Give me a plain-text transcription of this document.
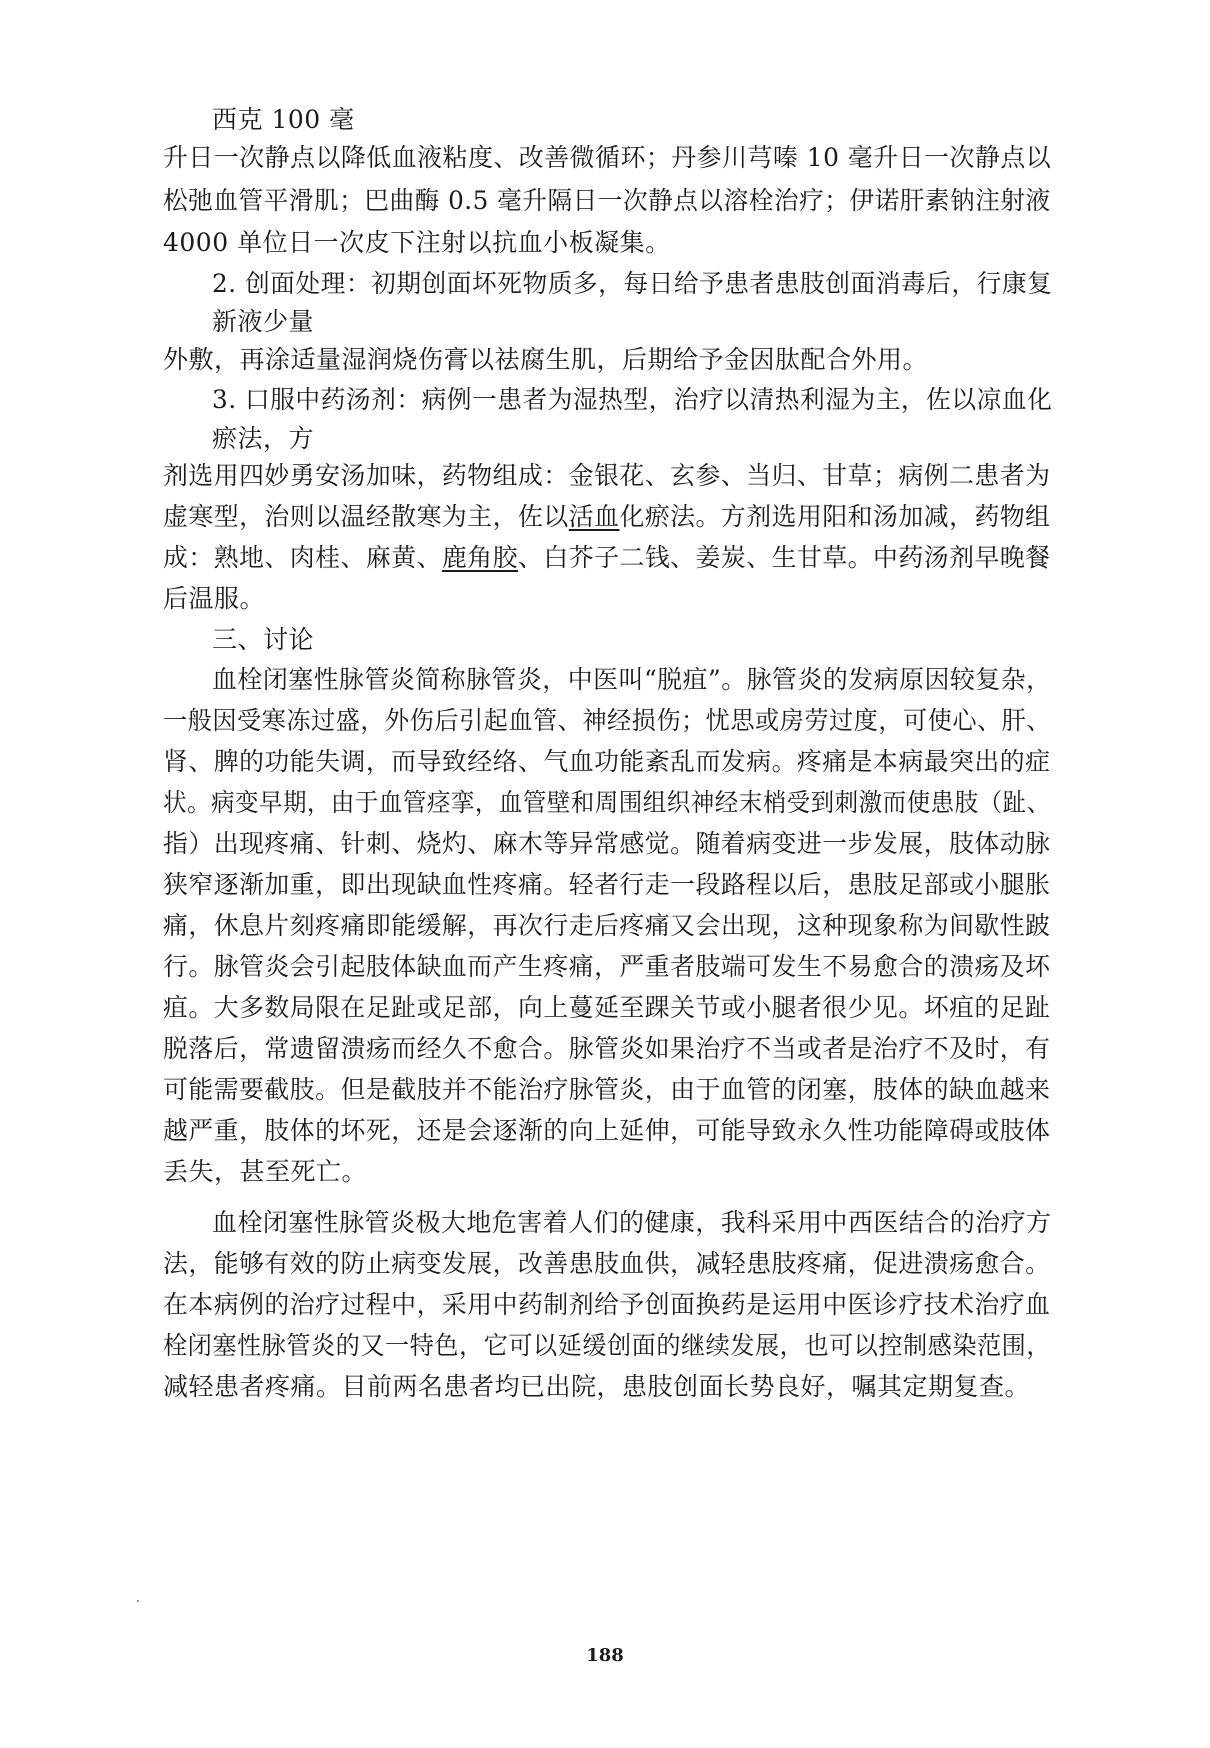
西克 100 毫
升日一次静点以降低血液粘度、改善微循环；丹参川芎嗪 10 毫升日一次静点以
松弛血管平滑肌；巴曲酶 0.5 毫升隔日一次静点以溶栓治疗；伊诺肝素钠注射液
4000 单位日一次皮下注射以抗血小板凝集。
2. 创面处理：初期创面坏死物质多，每日给予患者患肢创面消毒后，行康复
新液少量
外敷，再涂适量湿润烧伤膏以祛腐生肌，后期给予金因肽配合外用。
3. 口服中药汤剂：病例一患者为湿热型，治疗以清热利湿为主，佐以凉血化
瘀法，方
剂选用四妙勇安汤加味，药物组成：金银花、玄参、当归、甘草；病例二患者为
虚寒型，治则以温经散寒为主，佐以活血化瘀法。方剂选用阳和汤加减，药物组
成：熟地、肉桂、麻黄、鹿角胶、白芥子二钱、姜炭、生甘草。中药汤剂早晚餐
后温服。
三、讨论
血栓闭塞性脉管炎简称脉管炎，中医叫“脱疽”。脉管炎的发病原因较复杂，
一般因受寒冻过盛，外伤后引起血管、神经损伤；忧思或房劳过度，可使心、肝、
肾、脾的功能失调，而导致经络、气血功能紊乱而发病。疼痛是本病最突出的症
状。病变早期，由于血管痉挛，血管壁和周围组织神经末梢受到刺激而使患肢（趾、
指）出现疼痛、针刺、烧灼、麻木等异常感觉。随着病变进一步发展，肢体动脉
狭窄逐渐加重，即出现缺血性疼痛。轻者行走一段路程以后，患肢足部或小腿胀
痛，休息片刻疼痛即能缓解，再次行走后疼痛又会出现，这种现象称为间歇性跛
行。脉管炎会引起肢体缺血而产生疼痛，严重者肢端可发生不易愈合的溃疡及坏
疽。大多数局限在足趾或足部，向上蔓延至踝关节或小腿者很少见。坏疽的足趾
脱落后，常遗留溃疡而经久不愈合。脉管炎如果治疗不当或者是治疗不及时，有
可能需要截肢。但是截肢并不能治疗脉管炎，由于血管的闭塞，肢体的缺血越来
越严重，肢体的坏死，还是会逐渐的向上延伸，可能导致永久性功能障碍或肢体
丢失，甚至死亡。
血栓闭塞性脉管炎极大地危害着人们的健康，我科采用中西医结合的治疗方
法，能够有效的防止病变发展，改善患肢血供，减轻患肢疼痛，促进溃疡愈合。
在本病例的治疗过程中，采用中药制剂给予创面换药是运用中医诊疗技术治疗血
栓闭塞性脉管炎的又一特色，它可以延缓创面的继续发展，也可以控制感染范围，
减轻患者疼痛。目前两名患者均已出院，患肢创面长势良好，嘱其定期复查。
188
